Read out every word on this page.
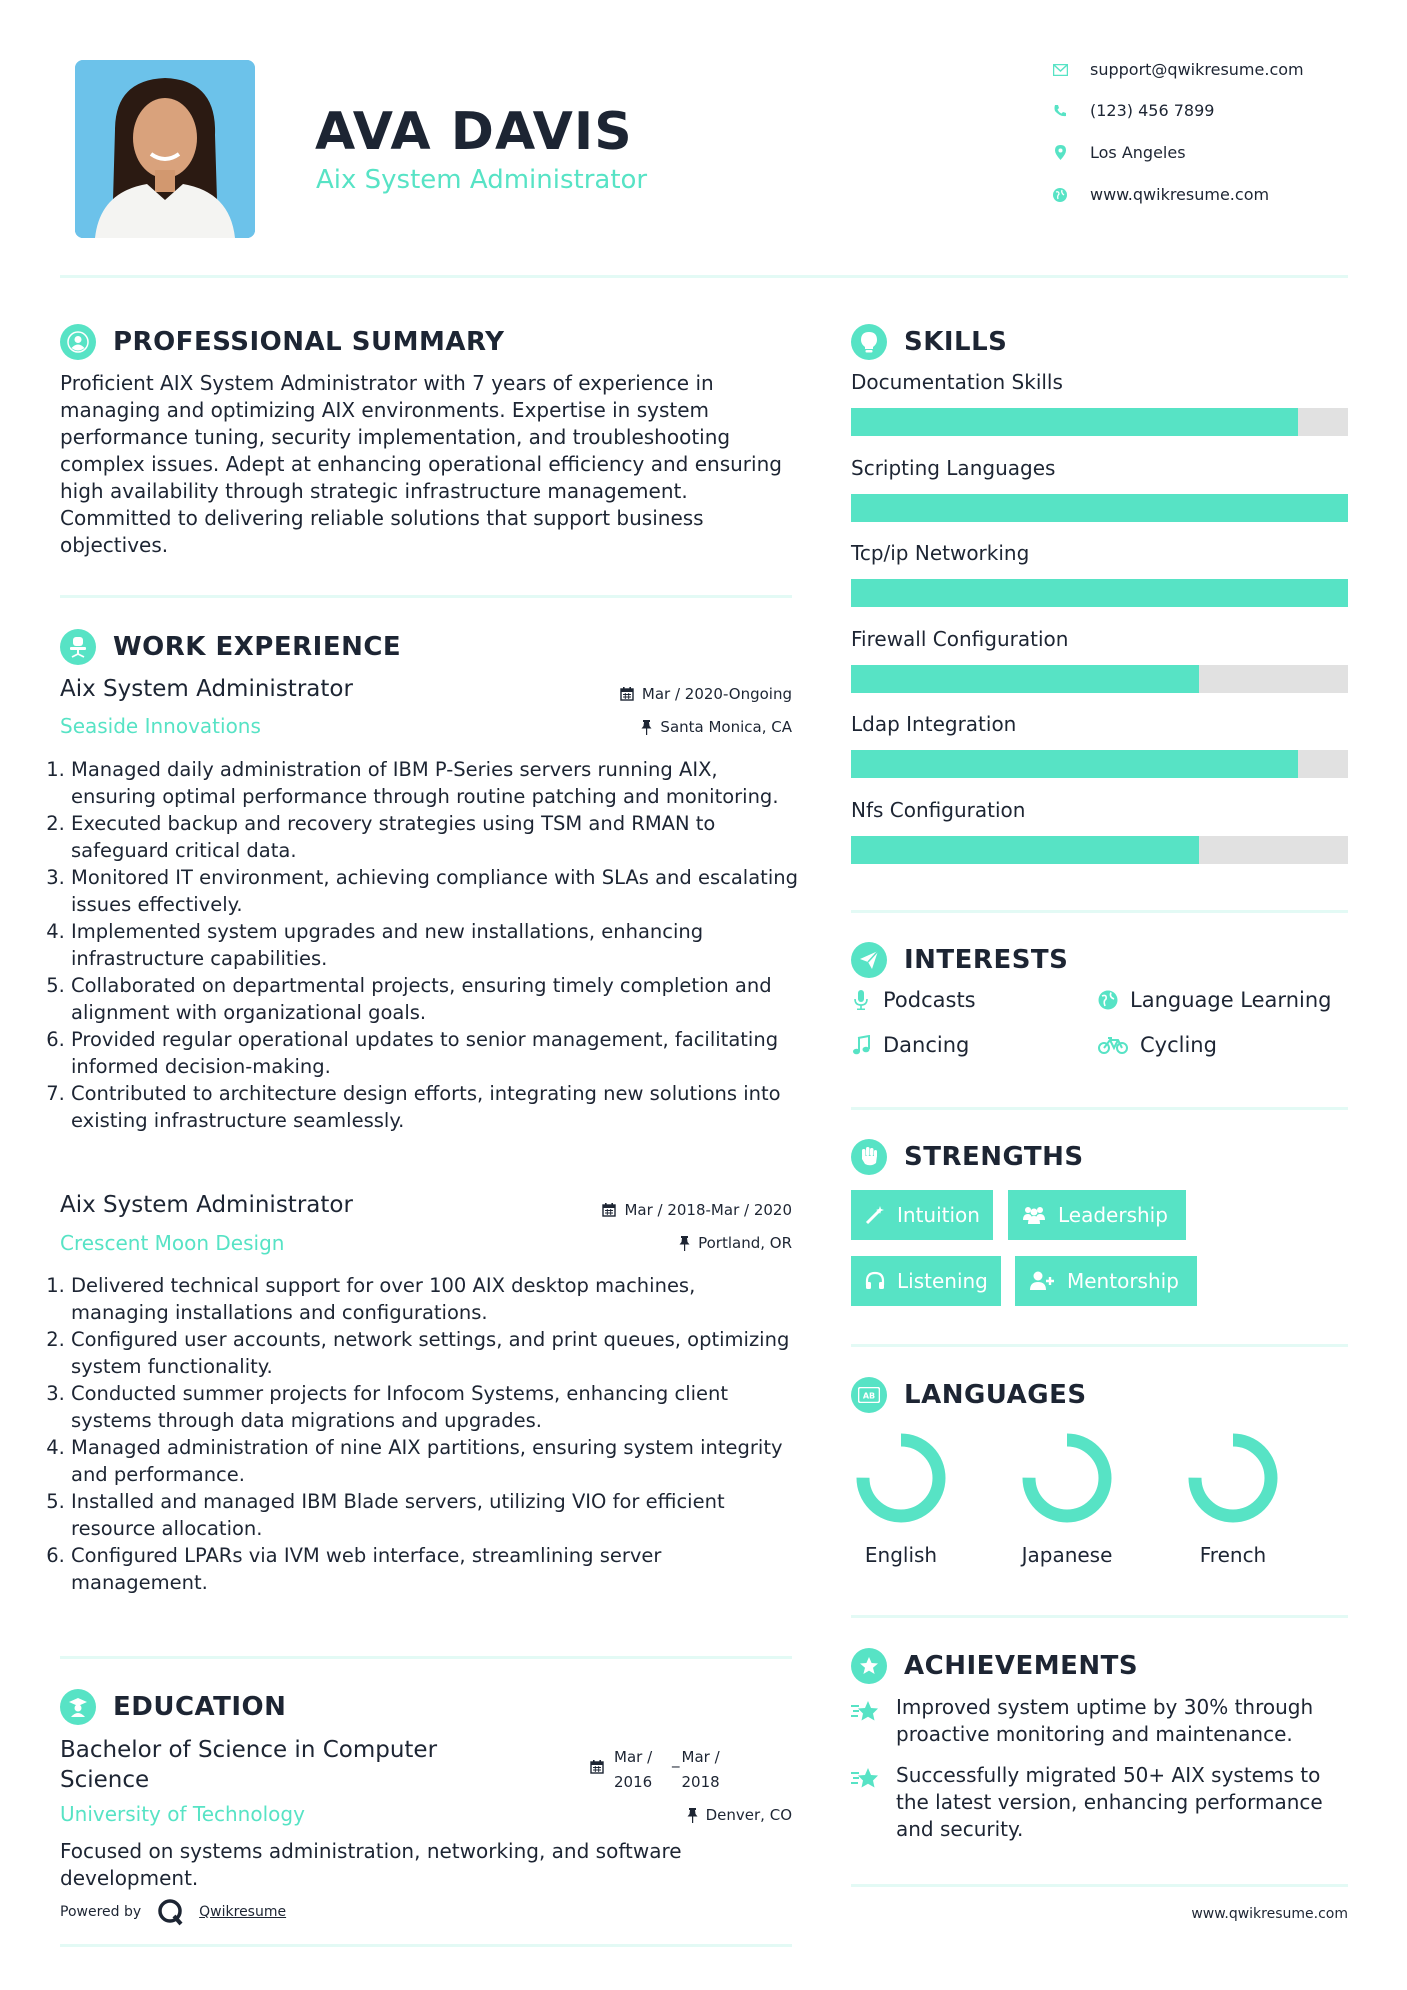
AVA DAVIS
Aix System Administrator
support@qwikresume.com
(123) 456 7899
Los Angeles
www.qwikresume.com
PROFESSIONAL SUMMARY

Proficient AIX System Administrator with 7 years of experience in managing and optimizing AIX environments. Expertise in system performance tuning, security implementation, and troubleshooting complex issues. Adept at enhancing operational efficiency and ensuring high availability through strategic infrastructure management. Committed to delivering reliable solutions that support business objectives.

WORK EXPERIENCE
Aix System Administrator	Mar / 2020-Ongoing
Seaside Innovations	Santa Monica, CA
1. Managed daily administration of IBM P-Series servers running AIX, ensuring optimal performance through routine patching and monitoring.
2. Executed backup and recovery strategies using TSM and RMAN to safeguard critical data.
3. Monitored IT environment, achieving compliance with SLAs and escalating issues effectively.
4. Implemented system upgrades and new installations, enhancing infrastructure capabilities.
5. Collaborated on departmental projects, ensuring timely completion and alignment with organizational goals.
6. Provided regular operational updates to senior management, facilitating informed decision-making.
7. Contributed to architecture design efforts, integrating new solutions into existing infrastructure seamlessly.
Aix System Administrator	Mar / 2018-Mar / 2020
Crescent Moon Design	Portland, OR
1. Delivered technical support for over 100 AIX desktop machines, managing installations and configurations.
2. Configured user accounts, network settings, and print queues, optimizing system functionality.
3. Conducted summer projects for Infocom Systems, enhancing client systems through data migrations and upgrades.
4. Managed administration of nine AIX partitions, ensuring system integrity and performance.
5. Installed and managed IBM Blade servers, utilizing VIO for efficient resource allocation.
6. Configured LPARs via IVM web interface, streamlining server management.
EDUCATION
Bachelor of Science in Computer Science
Mar /
2016
_ Mar /
2018
University of Technology	Denver, CO

Focused on systems administration, networking, and software development.

Powered by	Qwikresume
SKILLS
Documentation Skills
Scripting Languages
Tcp/ip Networking
Firewall Configuration
Ldap Integration
Nfs Configuration
INTERESTS
Podcasts	Language Learning
Dancing	Cycling
STRENGTHS
Intuition	Leadership
Listening	Mentorship
AB LANGUAGES
English	Japanese	French
ACHIEVEMENTS

Improved system uptime by 30% through proactive monitoring and maintenance.

Successfully migrated 50+ AIX systems to the latest version, enhancing performance and security.

www.qwikresume.com
